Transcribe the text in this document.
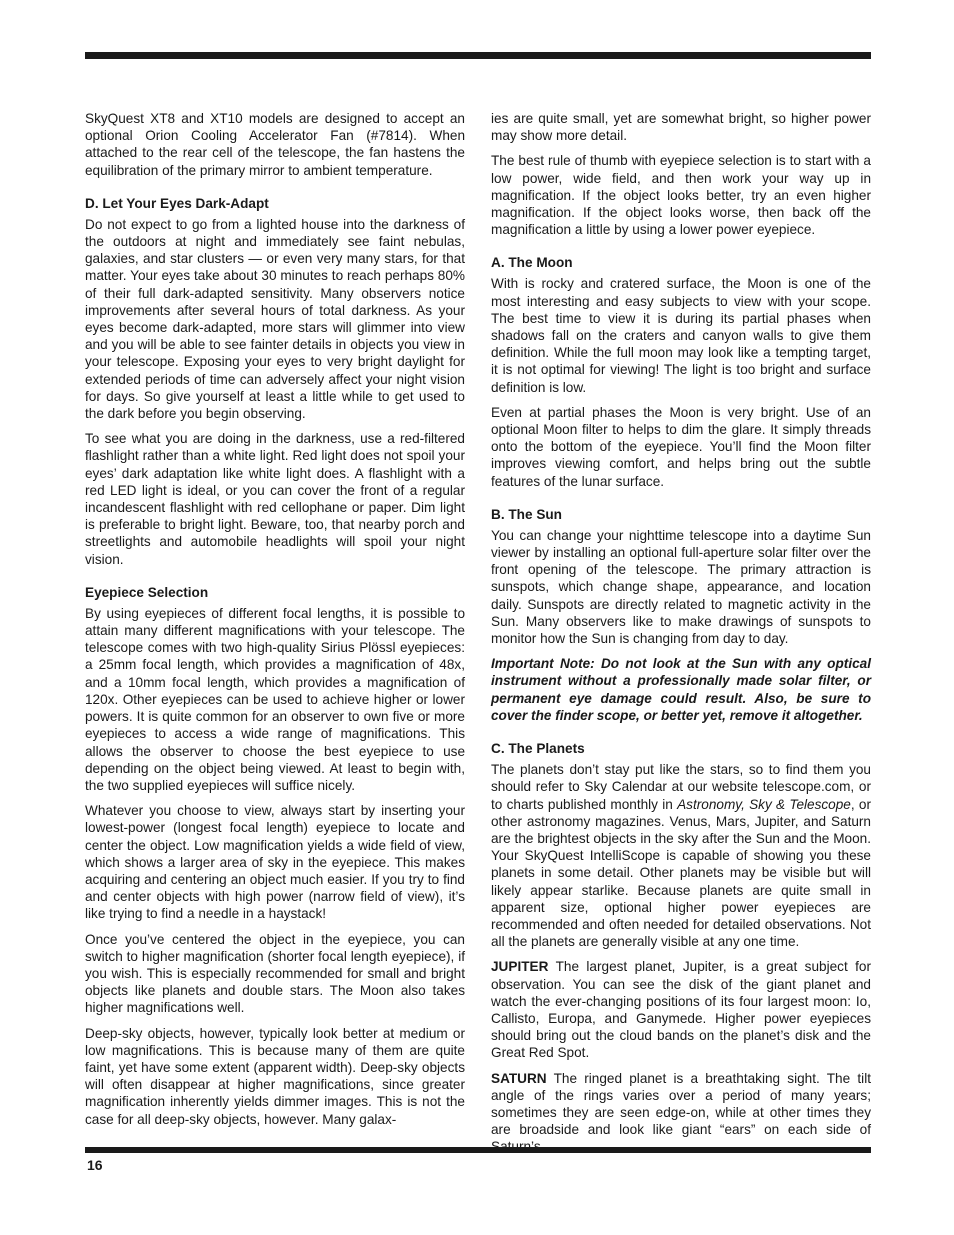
SkyQuest XT8 and XT10 models are designed to accept an optional Orion Cooling Accelerator Fan (#7814). When attached to the rear cell of the telescope, the fan hastens the equilibration of the primary mirror to ambient temperature.

D. Let Your Eyes Dark-Adapt

Do not expect to go from a lighted house into the darkness of the outdoors at night and immediately see faint nebulas, galaxies, and star clusters — or even very many stars, for that matter. Your eyes take about 30 minutes to reach perhaps 80% of their full dark-adapted sensitivity. Many observers notice improvements after several hours of total darkness. As your eyes become dark-adapted, more stars will glimmer into view and you will be able to see fainter details in objects you view in your telescope. Exposing your eyes to very bright daylight for extended periods of time can adversely affect your night vision for days. So give yourself at least a little while to get used to the dark before you begin observing.

To see what you are doing in the darkness, use a red-filtered flashlight rather than a white light. Red light does not spoil your eyes’ dark adaptation like white light does. A flashlight with a red LED light is ideal, or you can cover the front of a regular incandescent flashlight with red cellophane or paper. Dim light is preferable to bright light. Beware, too, that nearby porch and streetlights and automobile headlights will spoil your night vision.

Eyepiece Selection

By using eyepieces of different focal lengths, it is possible to attain many different magnifications with your telescope. The telescope comes with two high-quality Sirius Plössl eyepieces: a 25mm focal length, which provides a magnification of 48x, and a 10mm focal length, which provides a magnification of 120x. Other eyepieces can be used to achieve higher or lower powers. It is quite common for an observer to own five or more eyepieces to access a wide range of magnifications. This allows the observer to choose the best eyepiece to use depending on the object being viewed. At least to begin with, the two supplied eyepieces will suffice nicely.

Whatever you choose to view, always start by inserting your lowest-power (longest focal length) eyepiece to locate and center the object. Low magnification yields a wide field of view, which shows a larger area of sky in the eyepiece. This makes acquiring and centering an object much easier. If you try to find and center objects with high power (narrow field of view), it’s like trying to find a needle in a haystack!

Once you’ve centered the object in the eyepiece, you can switch to higher magnification (shorter focal length eyepiece), if you wish. This is especially recommended for small and bright objects like planets and double stars. The Moon also takes higher magnifications well.

Deep-sky objects, however, typically look better at medium or low magnifications. This is because many of them are quite faint, yet have some extent (apparent width). Deep-sky objects will often disappear at higher magnifications, since greater magnification inherently yields dimmer images. This is not the case for all deep-sky objects, however. Many galax-

ies are quite small, yet are somewhat bright, so higher power may show more detail.

The best rule of thumb with eyepiece selection is to start with a low power, wide field, and then work your way up in magnification. If the object looks better, try an even higher magnification. If the object looks worse, then back off the magnification a little by using a lower power eyepiece.

A. The Moon

With is rocky and cratered surface, the Moon is one of the most interesting and easy subjects to view with your scope. The best time to view it is during its partial phases when shadows fall on the craters and canyon walls to give them definition. While the full moon may look like a tempting target, it is not optimal for viewing! The light is too bright and surface definition is low.

Even at partial phases the Moon is very bright. Use of an optional Moon filter to helps to dim the glare. It simply threads onto the bottom of the eyepiece. You’ll find the Moon filter improves viewing comfort, and helps bring out the subtle features of the lunar surface.

B. The Sun

You can change your nighttime telescope into a daytime Sun viewer by installing an optional full-aperture solar filter over the front opening of the telescope. The primary attraction is sunspots, which change shape, appearance, and location daily. Sunspots are directly related to magnetic activity in the Sun. Many observers like to make drawings of sunspots to monitor how the Sun is changing from day to day.

Important Note: Do not look at the Sun with any optical instrument without a professionally made solar filter, or permanent eye damage could result. Also, be sure to cover the finder scope, or better yet, remove it altogether.

C. The Planets

The planets don’t stay put like the stars, so to find them you should refer to Sky Calendar at our website telescope.com, or to charts published monthly in Astronomy, Sky & Telescope, or other astronomy magazines. Venus, Mars, Jupiter, and Saturn are the brightest objects in the sky after the Sun and the Moon. Your SkyQuest IntelliScope is capable of showing you these planets in some detail. Other planets may be visible but will likely appear starlike. Because planets are quite small in apparent size, optional higher power eyepieces are recommended and often needed for detailed observations. Not all the planets are generally visible at any one time.

JUPITER The largest planet, Jupiter, is a great subject for observation. You can see the disk of the giant planet and watch the ever-changing positions of its four largest moon: Io, Callisto, Europa, and Ganymede. Higher power eyepieces should bring out the cloud bands on the planet’s disk and the Great Red Spot.

SATURN The ringed planet is a breathtaking sight. The tilt angle of the rings varies over a period of many years; sometimes they are seen edge-on, while at other times they are broadside and look like giant “ears” on each side of

16
